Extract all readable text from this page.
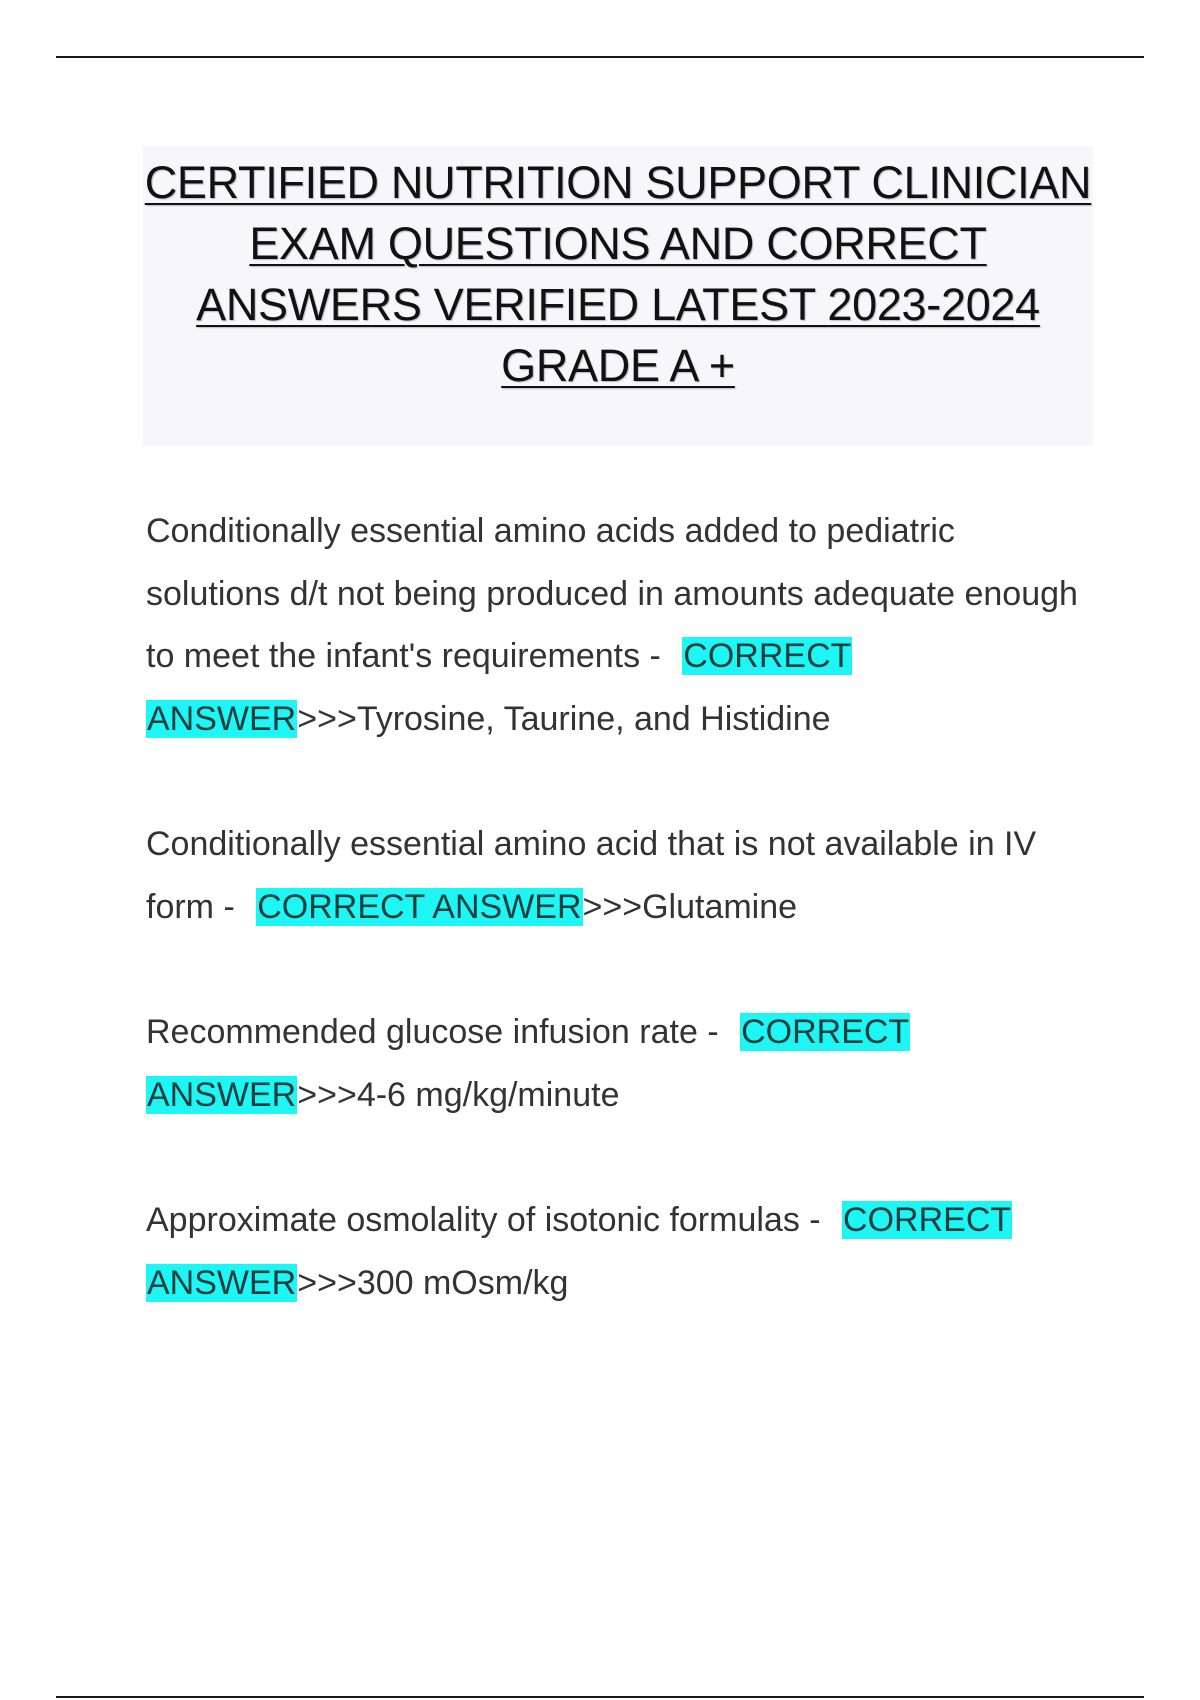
CERTIFIED NUTRITION SUPPORT CLINICIAN EXAM QUESTIONS AND CORRECT ANSWERS VERIFIED LATEST 2023-2024 GRADE A +

Conditionally essential amino acids added to pediatric solutions d/t not being produced in amounts adequate enough to meet the infant's requirements - CORRECT
ANSWER>>>Tyrosine, Taurine, and Histidine

Conditionally essential amino acid that is not available in IV form - CORRECT ANSWER>>>Glutamine

Recommended glucose infusion rate - CORRECT
ANSWER>>>4-6 mg/kg/minute

Approximate osmolality of isotonic formulas - CORRECT
ANSWER>>>300 mOsm/kg
